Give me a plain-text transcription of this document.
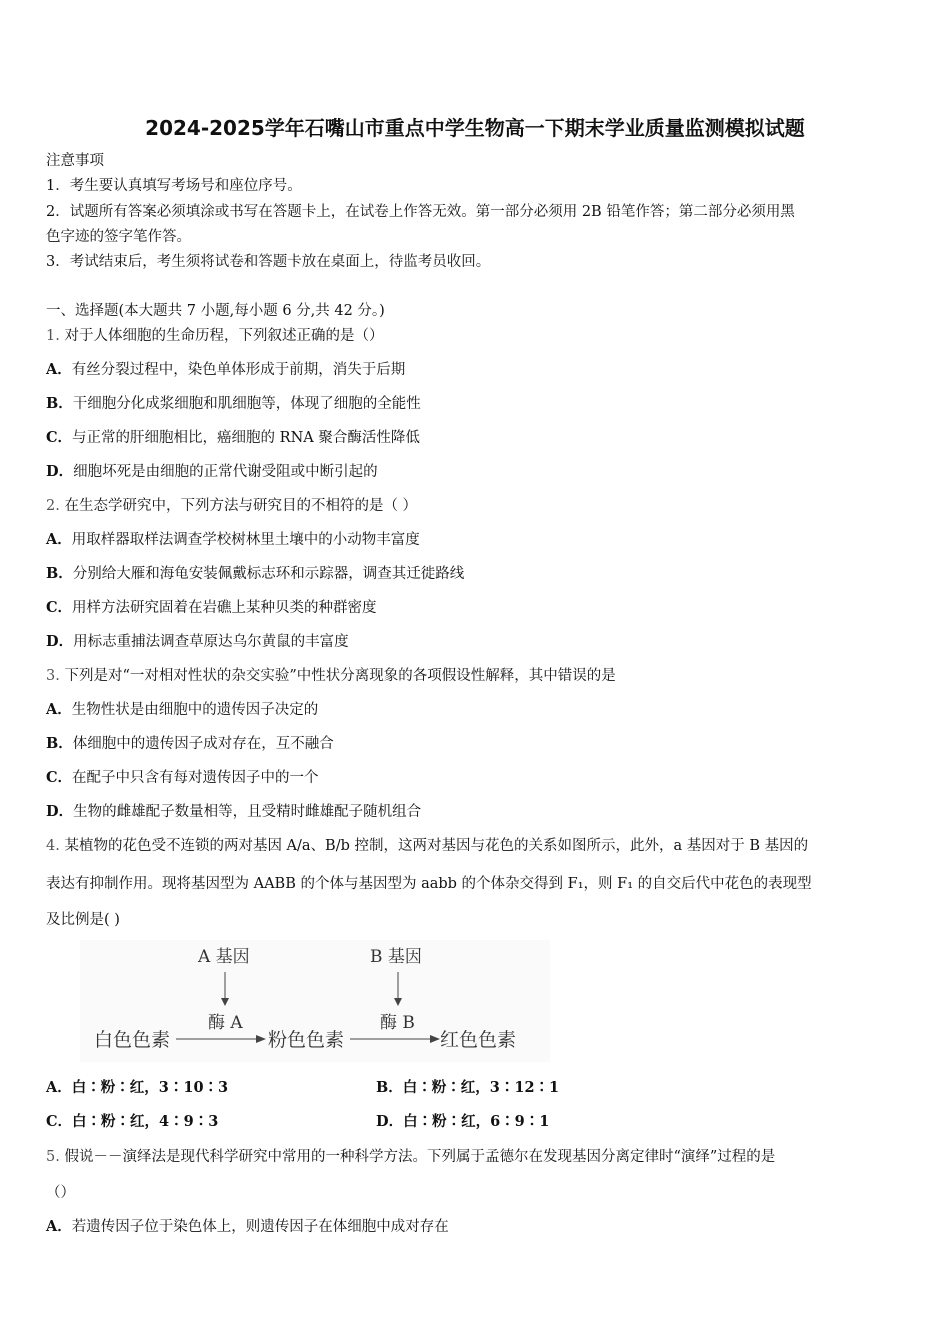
2024-2025学年石嘴山市重点中学生物高一下期末学业质量监测模拟试题
注意事项
1．考生要认真填写考场号和座位序号。
2．试题所有答案必须填涂或书写在答题卡上，在试卷上作答无效。第一部分必须用 2B 铅笔作答；第二部分必须用黑
色字迹的签字笔作答。
3．考试结束后，考生须将试卷和答题卡放在桌面上，待监考员收回。
一、选择题(本大题共 7 小题,每小题 6 分,共 42 分。)
1. 对于人体细胞的生命历程，下列叙述正确的是（）
A．有丝分裂过程中，染色单体形成于前期，消失于后期
B．干细胞分化成浆细胞和肌细胞等，体现了细胞的全能性
C．与正常的肝细胞相比，癌细胞的 RNA 聚合酶活性降低
D．细胞坏死是由细胞的正常代谢受阻或中断引起的
2. 在生态学研究中，下列方法与研究目的不相符的是（ ）
A．用取样器取样法调查学校树林里土壤中的小动物丰富度
B．分别给大雁和海龟安装佩戴标志环和示踪器，调查其迁徙路线
C．用样方法研究固着在岩礁上某种贝类的种群密度
D．用标志重捕法调查草原达乌尔黄鼠的丰富度
3. 下列是对“一对相对性状的杂交实验”中性状分离现象的各项假设性解释，其中错误的是
A．生物性状是由细胞中的遗传因子决定的
B．体细胞中的遗传因子成对存在，互不融合
C．在配子中只含有每对遗传因子中的一个
D．生物的雌雄配子数量相等，且受精时雌雄配子随机组合
4. 某植物的花色受不连锁的两对基因 A/a、B/b 控制，这两对基因与花色的关系如图所示，此外，a 基因对于 B 基因的
表达有抑制作用。现将基因型为 AABB 的个体与基因型为 aabb 的个体杂交得到 F₁，则 F₁ 的自交后代中花色的表现型
及比例是( )
A 基因	B 基因
酶 A	酶 B
白色色素	粉色色素	红色色素
A．白∶粉∶红，3∶10∶3	B．白∶粉∶红，3∶12∶1
C．白∶粉∶红，4∶9∶3	D．白∶粉∶红，6∶9∶1
5. 假说－－演绎法是现代科学研究中常用的一种科学方法。下列属于孟德尔在发现基因分离定律时“演绎”过程的是
（）
A．若遗传因子位于染色体上，则遗传因子在体细胞中成对存在
